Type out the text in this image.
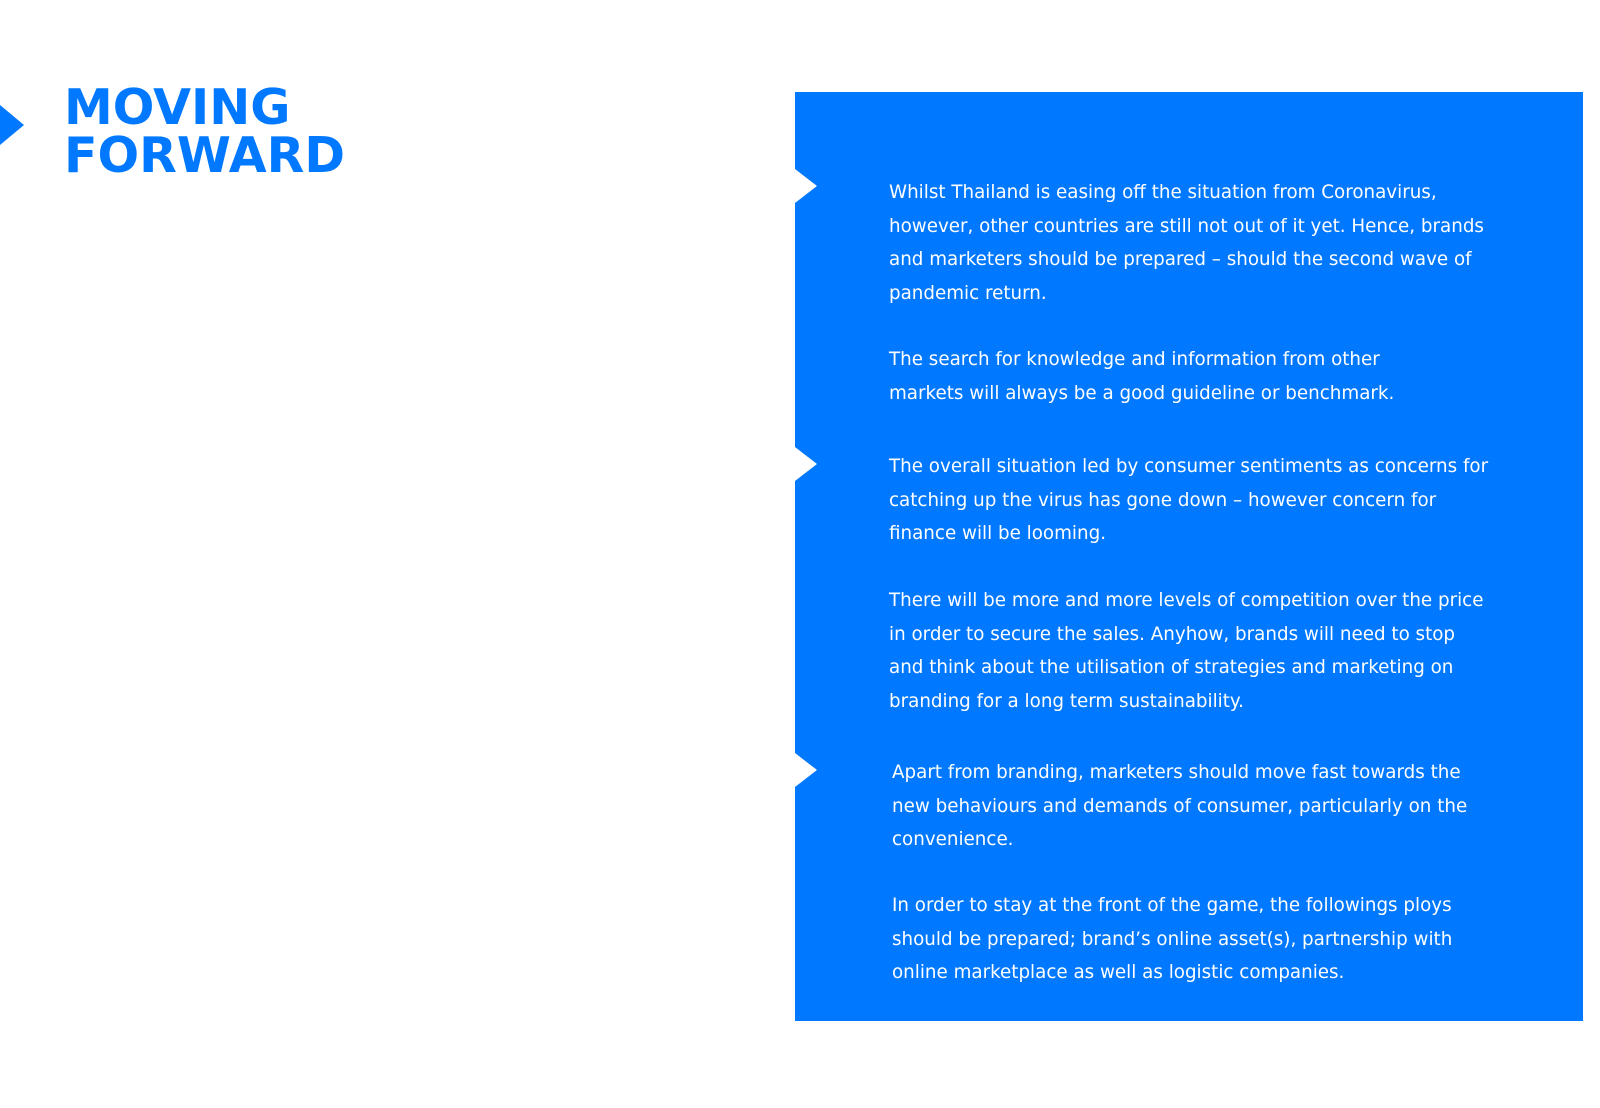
MOVING
FORWARD

Whilst Thailand is easing off the situation from Coronavirus, however, other countries are still not out of it yet. Hence, brands and marketers should be prepared – should the second wave of pandemic return.

The search for knowledge and information from other markets will always be a good guideline or benchmark.

The overall situation led by consumer sentiments as concerns for catching up the virus has gone down – however concern for finance will be looming.

There will be more and more levels of competition over the price in order to secure the sales. Anyhow, brands will need to stop and think about the utilisation of strategies and marketing on branding for a long term sustainability.

Apart from branding, marketers should move fast towards the new behaviours and demands of consumer, particularly on the convenience.

In order to stay at the front of the game, the followings ploys should be prepared; brand’s online asset(s), partnership with online marketplace as well as logistic companies.
